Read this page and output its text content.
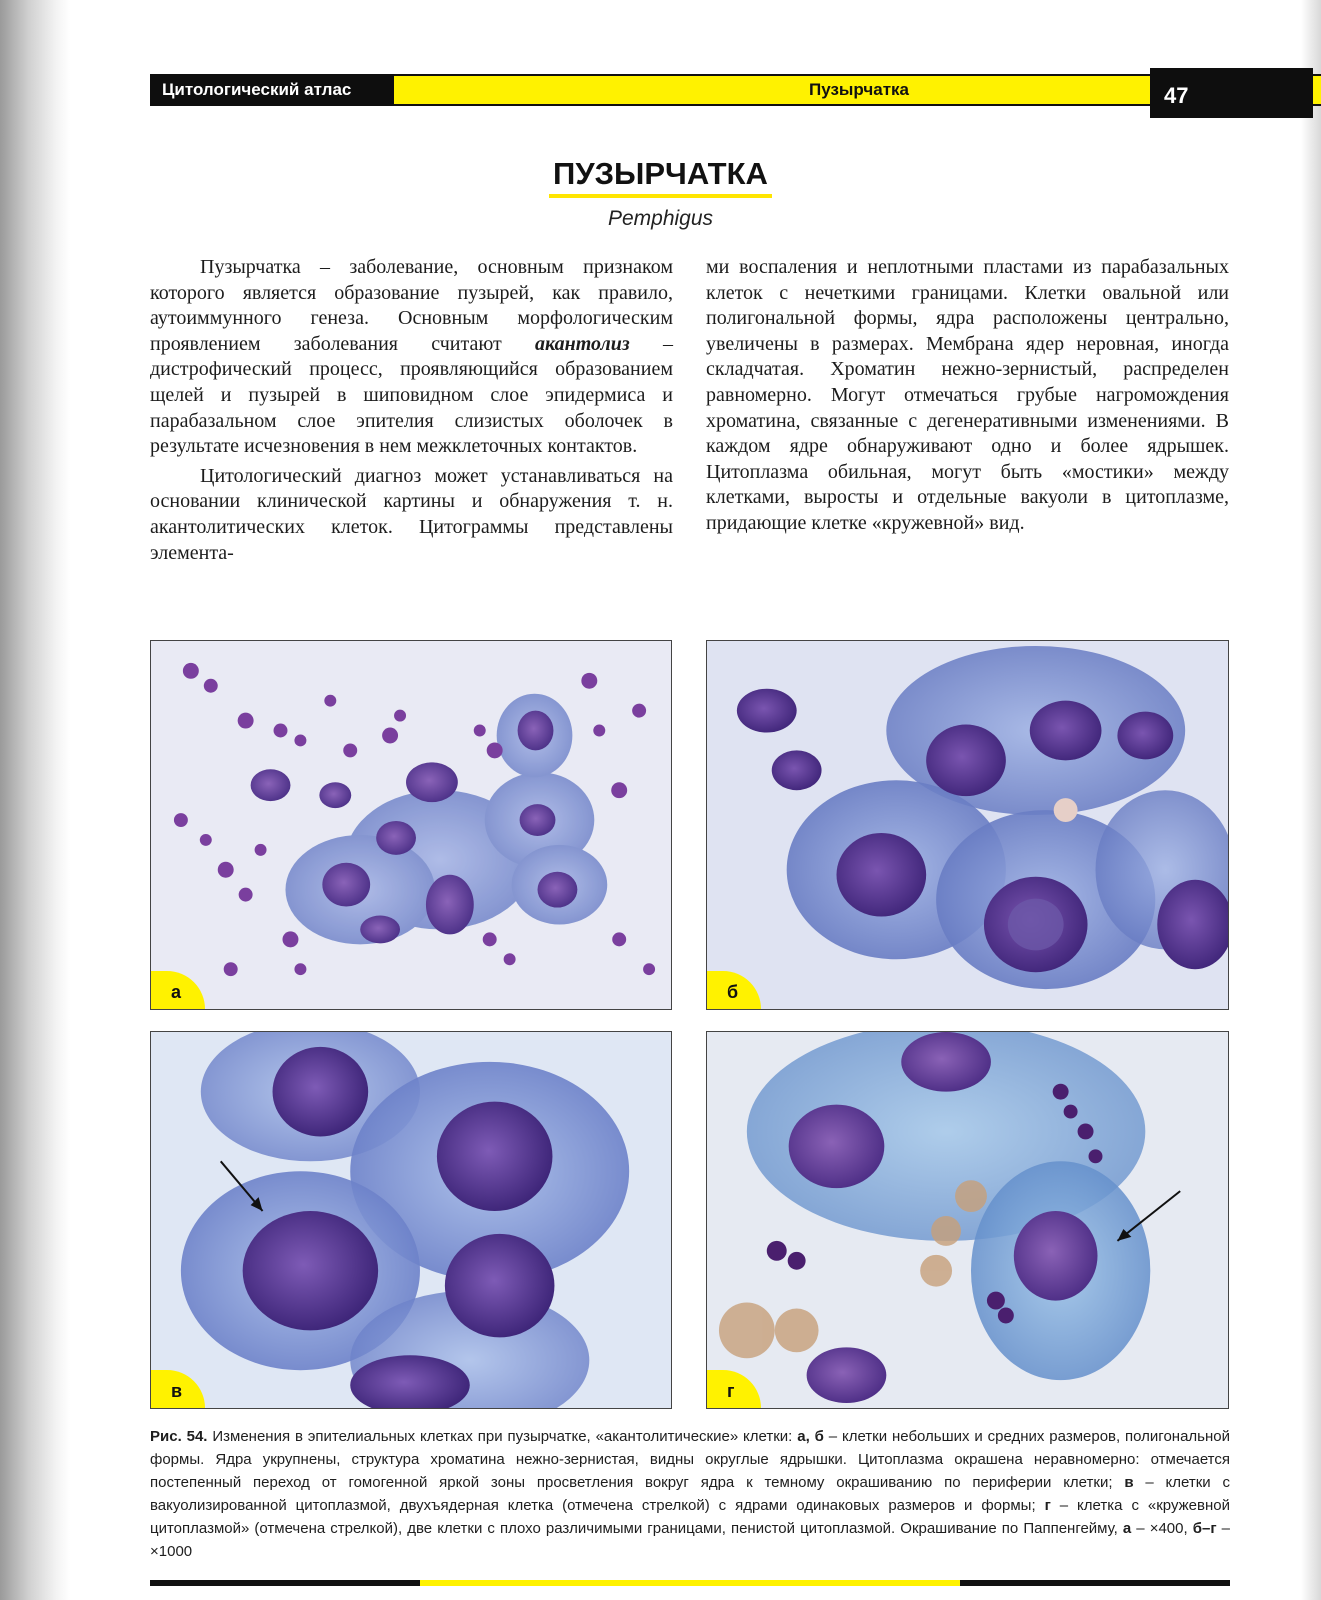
Цитологический атлас	Пузырчатка	47
ПУЗЫРЧАТКА
Pemphigus

Пузырчатка – заболевание, основным признаком которого является образование пузырей, как правило, аутоиммунного генеза. Основным морфологическим проявлением заболевания считают акантолиз – дистрофический процесс, проявляющийся образованием щелей и пузырей в шиповидном слое эпидермиса и парабазальном слое эпителия слизистых оболочек в результате исчезновения в нем межклеточных контактов.

Цитологический диагноз может устанавливаться на основании клинической картины и обнаружения т. н. акантолитических клеток. Цитограммы представлены элемента-

ми воспаления и неплотными пластами из парабазальных клеток с нечеткими границами. Клетки овальной или полигональной формы, ядра расположены центрально, увеличены в размерах. Мембрана ядер неровная, иногда складчатая. Хроматин нежно-зернистый, распределен равномерно. Могут отмечаться грубые нагромождения хроматина, связанные с дегенеративными изменениями. В каждом ядре обнаруживают одно и более ядрышек. Цитоплазма обильная, могут быть «мостики» между клетками, выросты и отдельные вакуоли в цитоплазме, придающие клетке «кружевной» вид.

а	б
в	г
Рис. 54. Изменения в эпителиальных клетках при пузырчатке, «акантолитические» клетки: а, б – клетки небольших и средних размеров, полигональной формы. Ядра укрупнены, структура хроматина нежно-зернистая, видны округлые ядрышки. Цитоплазма окрашена неравномерно: отмечается постепенный переход от гомогенной яркой зоны просветления вокруг ядра к темному окрашиванию по периферии клетки; в – клетки с вакуолизированной цитоплазмой, двухъядерная клетка (отмечена стрелкой) с ядрами одинаковых размеров и формы; г – клетка с «кружевной цитоплазмой» (отмечена стрелкой), две клетки с плохо различимыми границами, пенистой цитоплазмой. Окрашивание по Паппенгейму, а – ×400, б–г – ×1000
